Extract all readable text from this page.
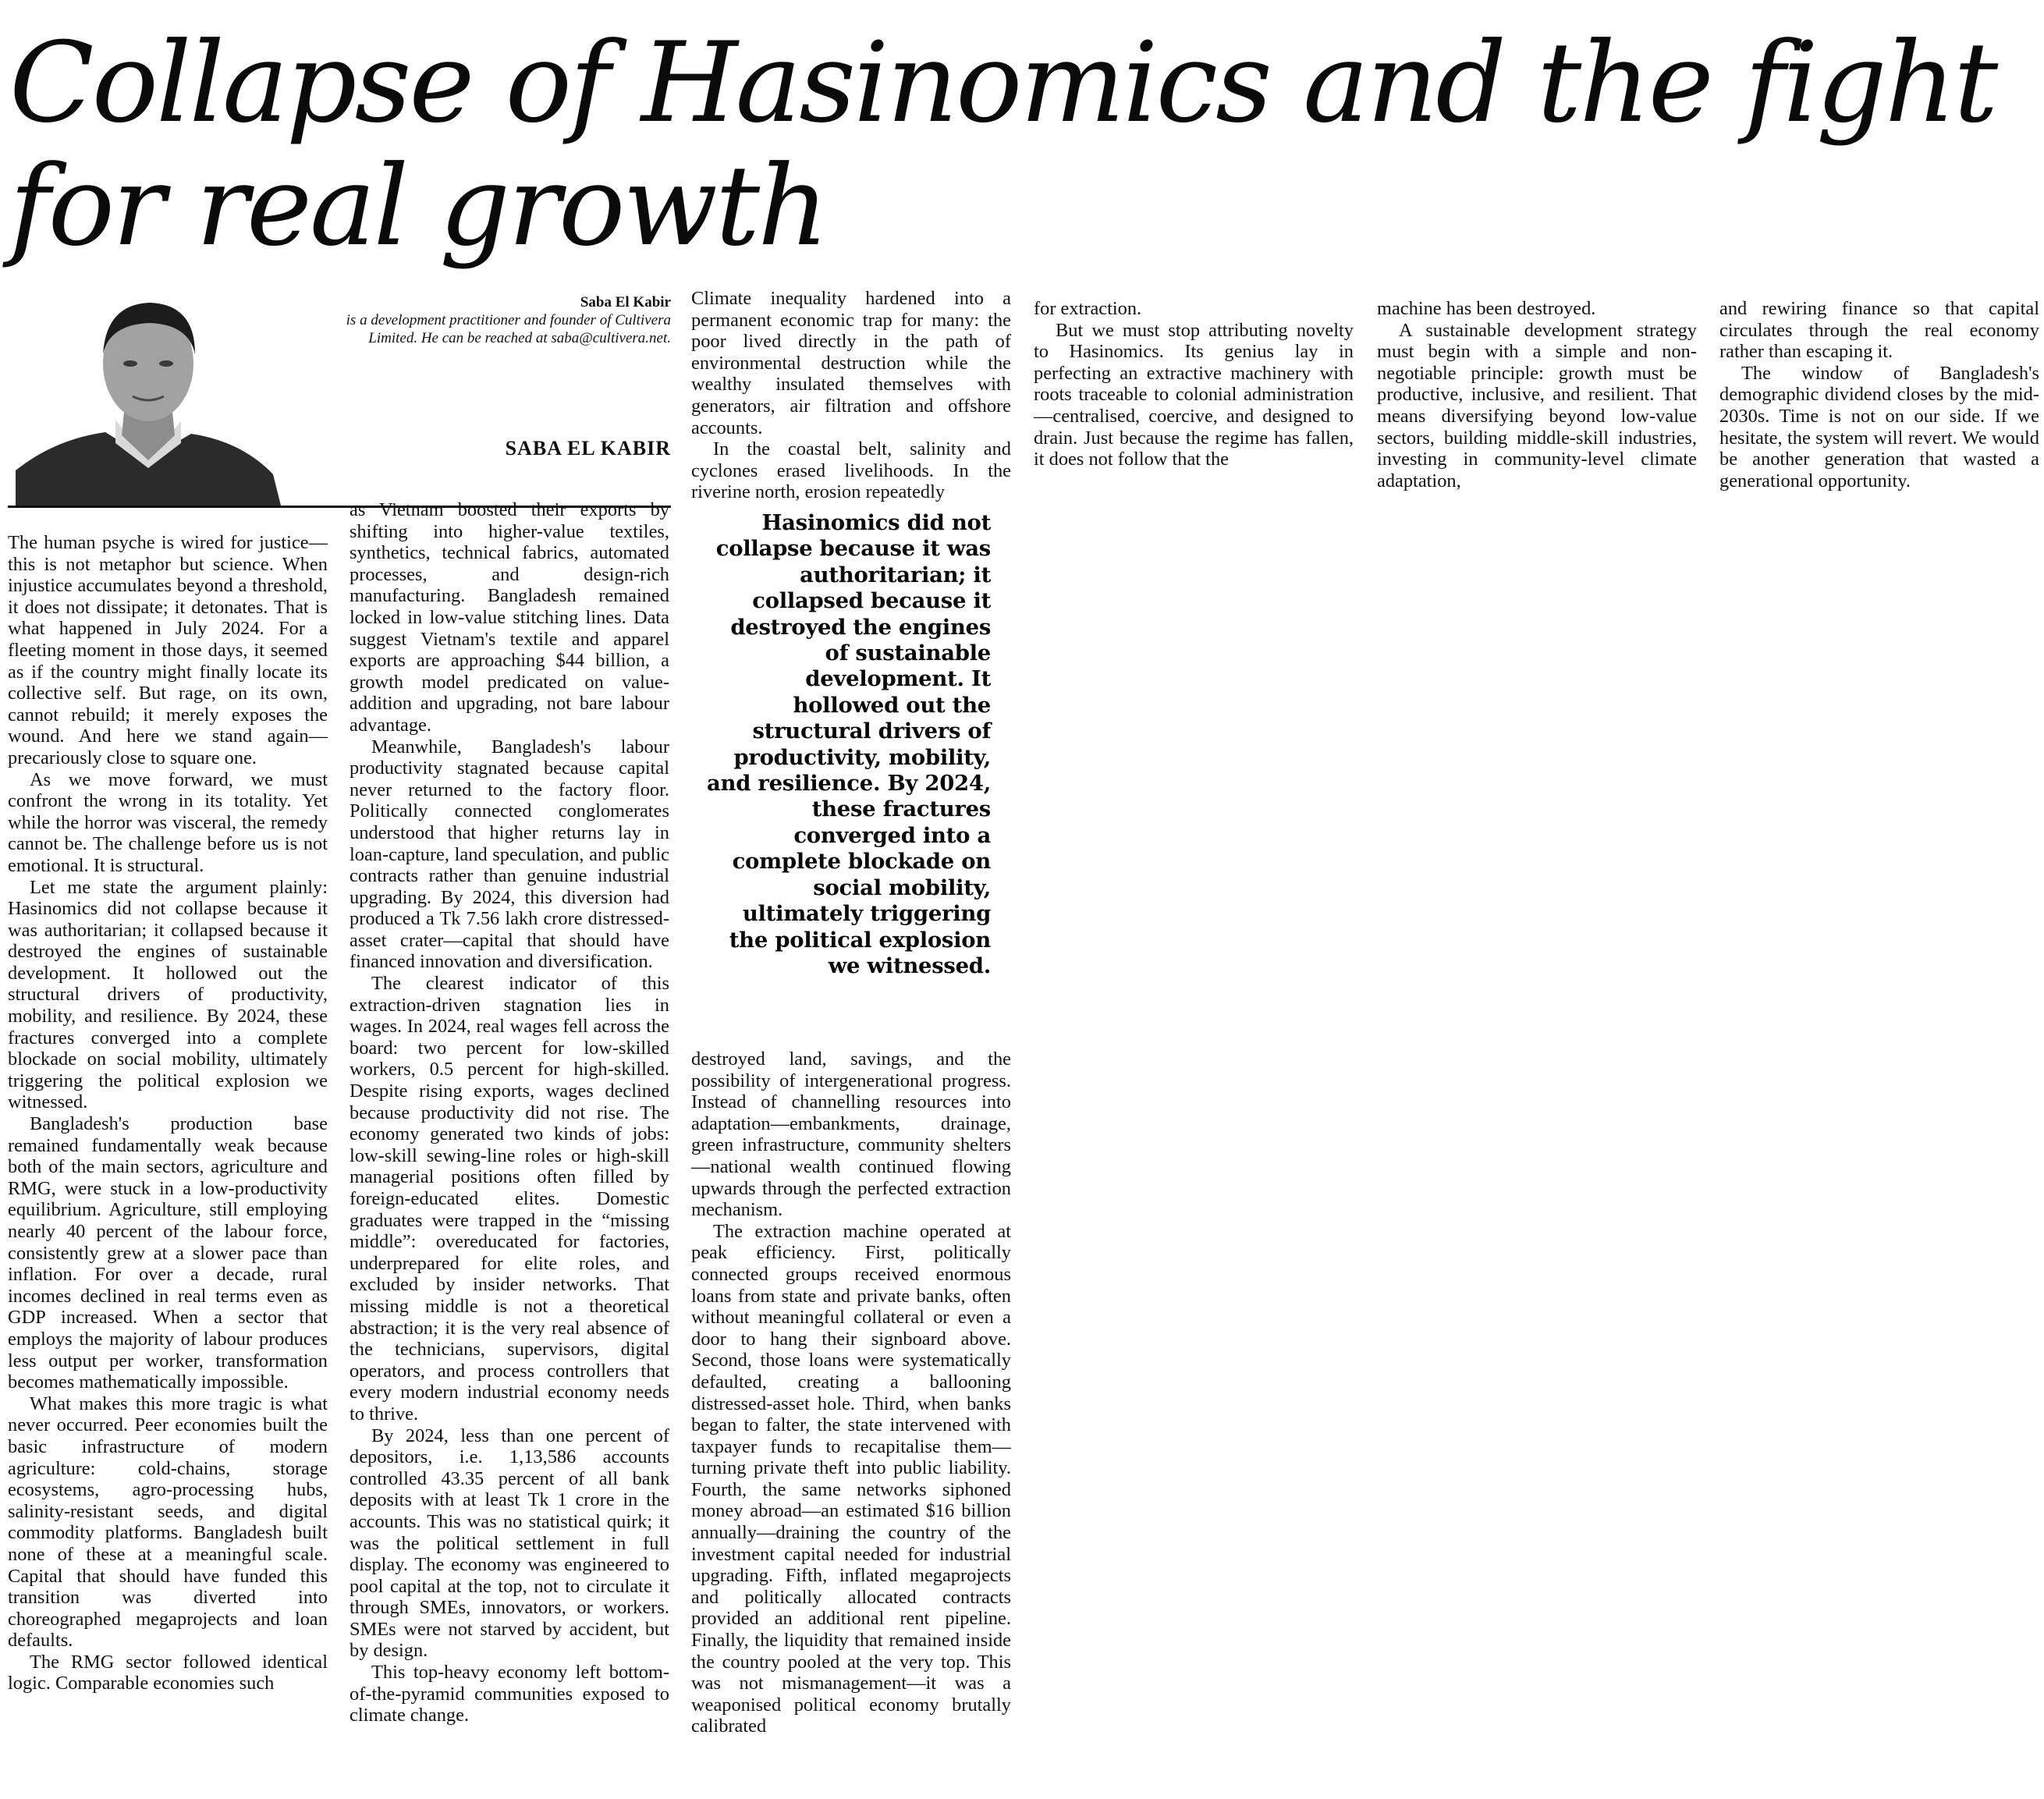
Collapse of Hasinomics and the fight for real growth
Saba El Kabir
is a development practitioner and founder of Cultivera Limited. He can be reached at saba@cultivera.net.
SABA EL KABIR

The human psyche is wired for justice—this is not metaphor but science. When injustice accumulates beyond a threshold, it does not dissipate; it detonates. That is what happened in July 2024. For a fleeting moment in those days, it seemed as if the country might finally locate its collective self. But rage, on its own, cannot rebuild; it merely exposes the wound. And here we stand again—precariously close to square one.

As we move forward, we must confront the wrong in its totality. Yet while the horror was visceral, the remedy cannot be. The challenge before us is not emotional. It is structural.

Let me state the argument plainly: Hasinomics did not collapse because it was authoritarian; it collapsed because it destroyed the engines of sustainable development. It hollowed out the structural drivers of productivity, mobility, and resilience. By 2024, these fractures converged into a complete blockade on social mobility, ultimately triggering the political explosion we witnessed.

Bangladesh's production base remained fundamentally weak because both of the main sectors, agriculture and RMG, were stuck in a low-productivity equilibrium. Agriculture, still employing nearly 40 percent of the labour force, consistently grew at a slower pace than inflation. For over a decade, rural incomes declined in real terms even as GDP increased. When a sector that employs the majority of labour produces less output per worker, transformation becomes mathematically impossible.

What makes this more tragic is what never occurred. Peer economies built the basic infrastructure of modern agriculture: cold-chains, storage ecosystems, agro-processing hubs, salinity-resistant seeds, and digital commodity platforms. Bangladesh built none of these at a meaningful scale. Capital that should have funded this transition was diverted into choreographed megaprojects and loan defaults.

The RMG sector followed identical logic. Comparable economies such

as Vietnam boosted their exports by shifting into higher-value textiles, synthetics, technical fabrics, automated processes, and design-rich manufacturing. Bangladesh remained locked in low-value stitching lines. Data suggest Vietnam's textile and apparel exports are approaching $44 billion, a growth model predicated on value-addition and upgrading, not bare labour advantage.

Meanwhile, Bangladesh's labour productivity stagnated because capital never returned to the factory floor. Politically connected conglomerates understood that higher returns lay in loan-capture, land speculation, and public contracts rather than genuine industrial upgrading. By 2024, this diversion had produced a Tk 7.56 lakh crore distressed-asset crater—capital that should have financed innovation and diversification.

The clearest indicator of this extraction-driven stagnation lies in wages. In 2024, real wages fell across the board: two percent for low-skilled workers, 0.5 percent for high-skilled. Despite rising exports, wages declined because productivity did not rise. The economy generated two kinds of jobs: low-skill sewing-line roles or high-skill managerial positions often filled by foreign-educated elites. Domestic graduates were trapped in the “missing middle”: overeducated for factories, underprepared for elite roles, and excluded by insider networks. That missing middle is not a theoretical abstraction; it is the very real absence of the technicians, supervisors, digital operators, and process controllers that every modern industrial economy needs to thrive.

By 2024, less than one percent of depositors, i.e. 1,13,586 accounts controlled 43.35 percent of all bank deposits with at least Tk 1 crore in the accounts. This was no statistical quirk; it was the political settlement in full display. The economy was engineered to pool capital at the top, not to circulate it through SMEs, innovators, or workers. SMEs were not starved by accident, but by design.

This top-heavy economy left bottom-of-the-pyramid communities exposed to climate change.

Climate inequality hardened into a permanent economic trap for many: the poor lived directly in the path of environmental destruction while the wealthy insulated themselves with generators, air filtration and offshore accounts.

In the coastal belt, salinity and cyclones erased livelihoods. In the riverine north, erosion repeatedly

Hasinomics did not collapse because it was authoritarian; it collapsed because it destroyed the engines of sustainable development. It hollowed out the structural drivers of productivity, mobility, and resilience. By 2024, these fractures converged into a complete blockade on social mobility, ultimately triggering the political explosion we witnessed.

destroyed land, savings, and the possibility of intergenerational progress. Instead of channelling resources into adaptation—embankments, drainage, green infrastructure, community shelters—national wealth continued flowing upwards through the perfected extraction mechanism.

The extraction machine operated at peak efficiency. First, politically connected groups received enormous loans from state and private banks, often without meaningful collateral or even a door to hang their signboard above. Second, those loans were systematically defaulted, creating a ballooning distressed-asset hole. Third, when banks began to falter, the state intervened with taxpayer funds to recapitalise them—turning private theft into public liability. Fourth, the same networks siphoned money abroad—an estimated $16 billion annually—draining the country of the investment capital needed for industrial upgrading. Fifth, inflated megaprojects and politically allocated contracts provided an additional rent pipeline. Finally, the liquidity that remained inside the country pooled at the very top. This was not mismanagement—it was a weaponised political economy brutally calibrated

for extraction.

But we must stop attributing novelty to Hasinomics. Its genius lay in perfecting an extractive machinery with roots traceable to colonial administration—centralised, coercive, and designed to drain. Just because the regime has fallen, it does not follow that the

machine has been destroyed.

A sustainable development strategy must begin with a simple and non-negotiable principle: growth must be productive, inclusive, and resilient. That means diversifying beyond low-value sectors, building middle-skill industries, investing in community-level climate adaptation,

and rewiring finance so that capital circulates through the real economy rather than escaping it.

The window of Bangladesh's demographic dividend closes by the mid-2030s. Time is not on our side. If we hesitate, the system will revert. We would be another generation that wasted a generational opportunity.
